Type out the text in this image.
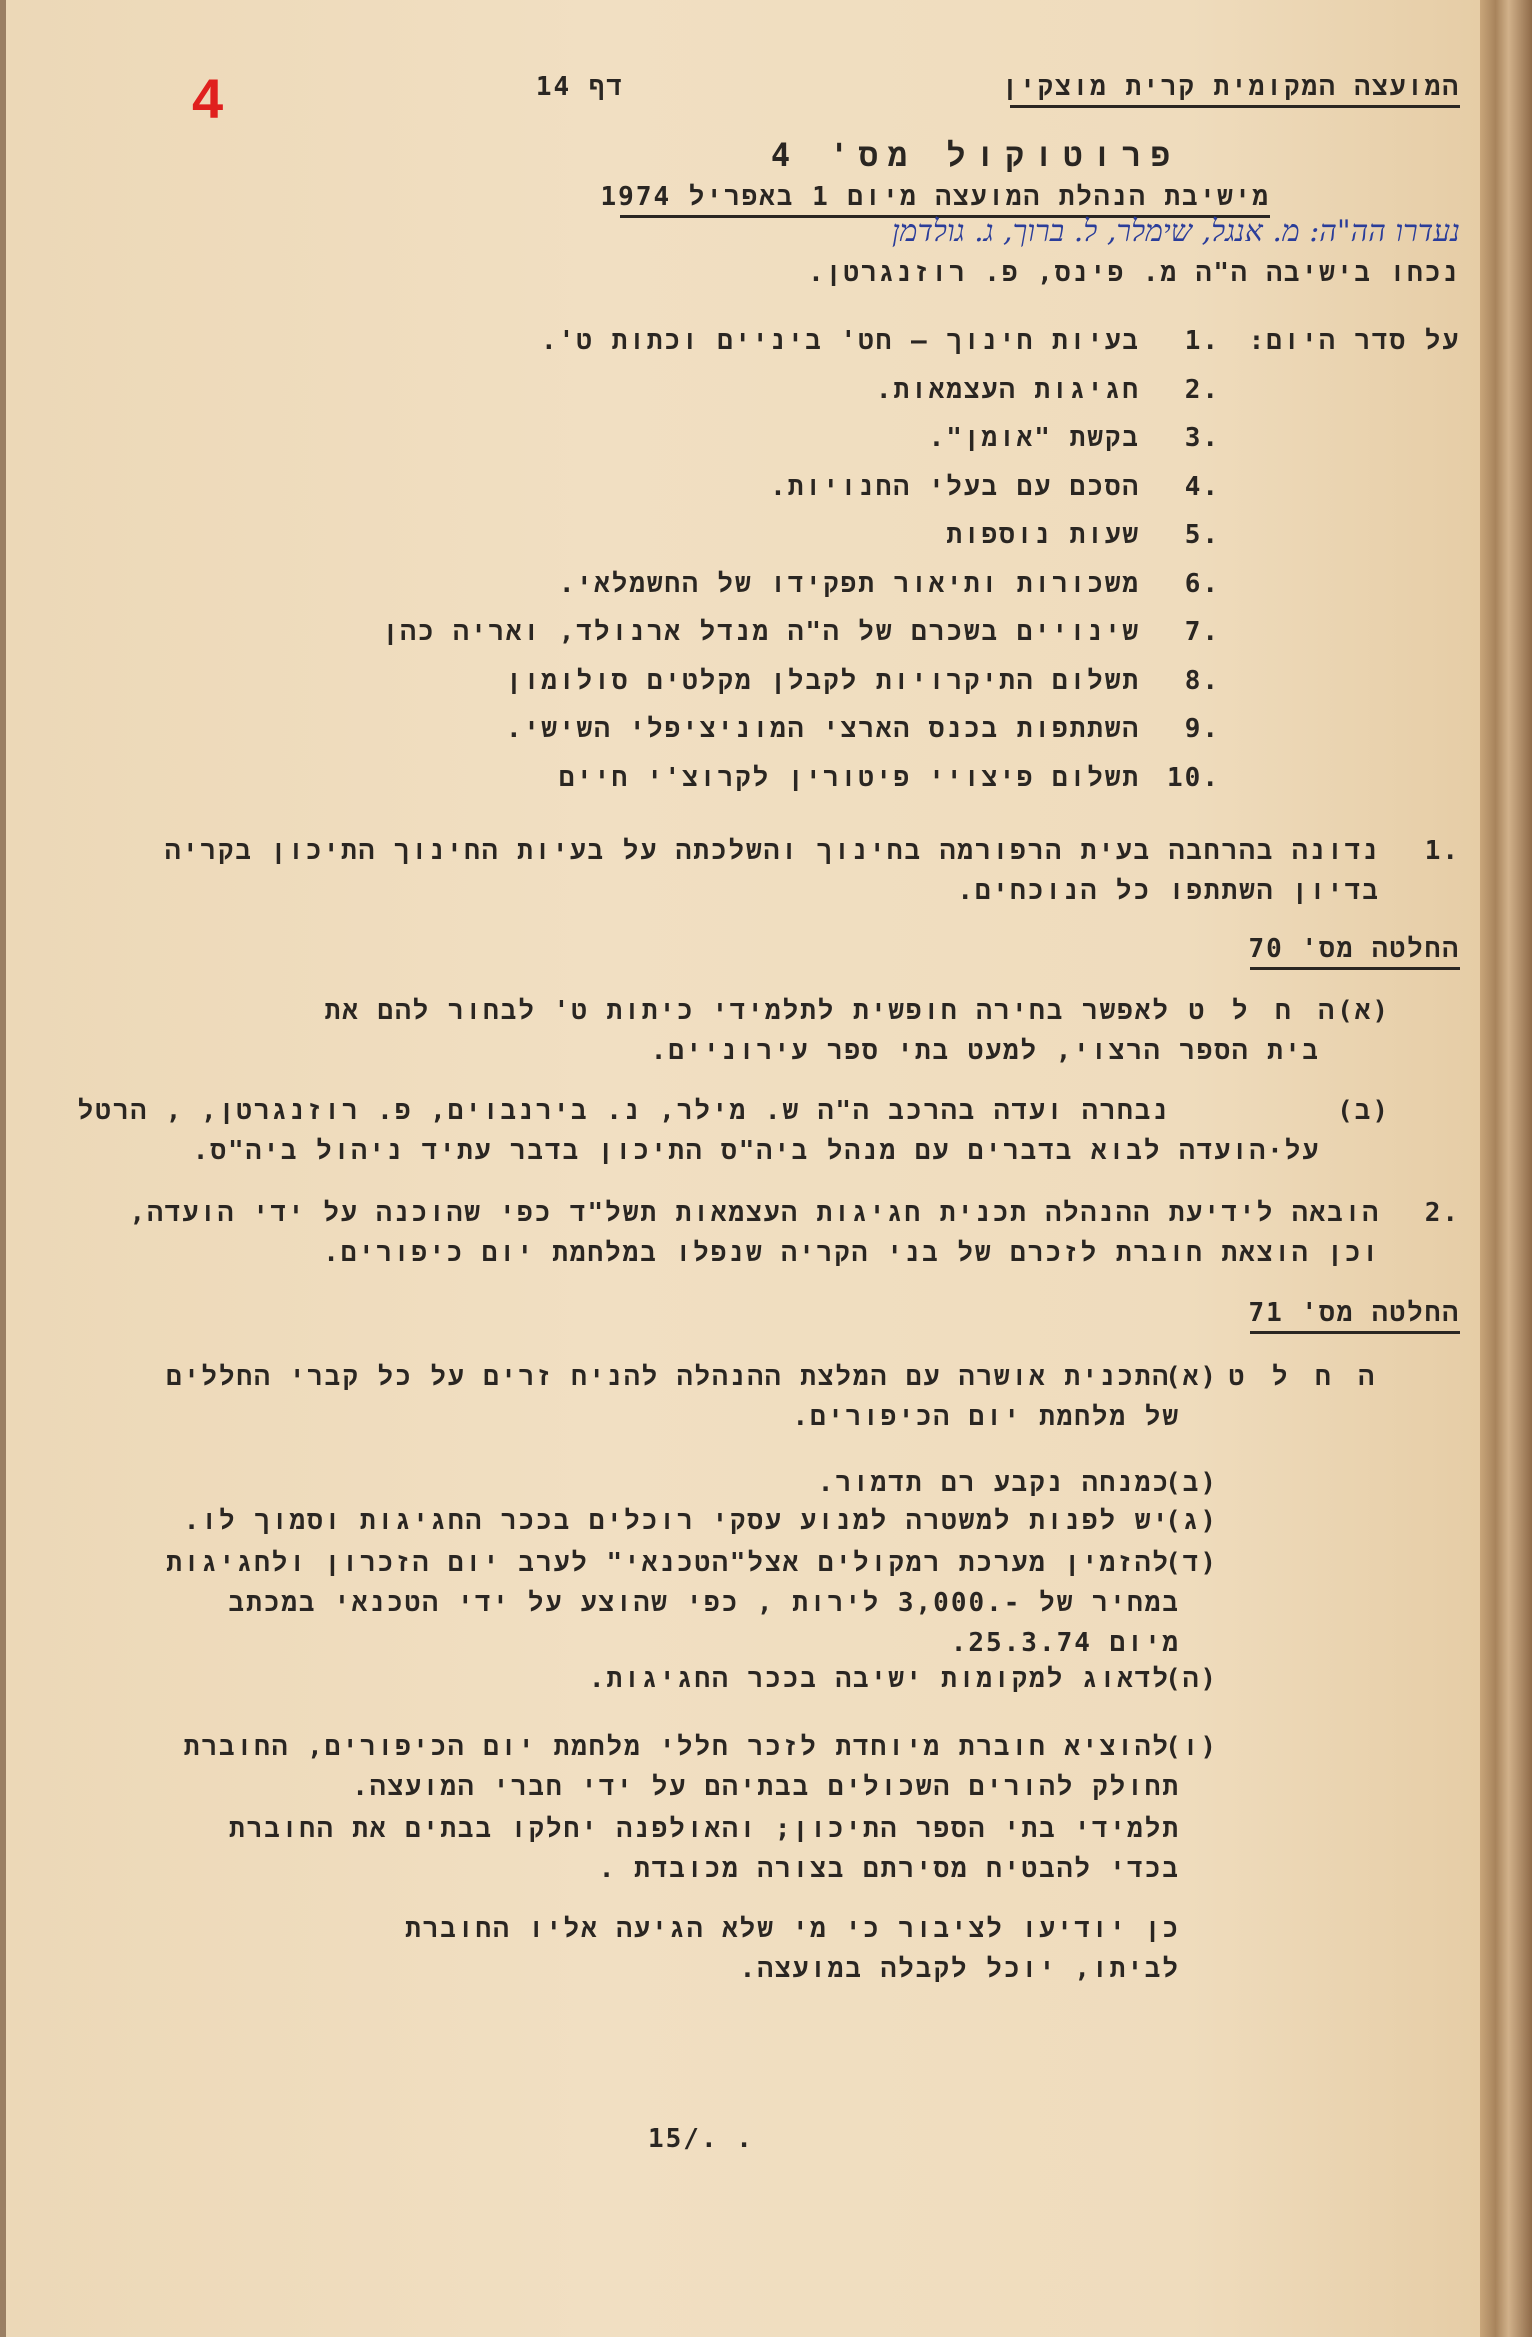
4	דף 14	המועצה המקומית קרית מוצקין
פרוטוקול מס' 4
מישיבת הנהלת המועצה מיום 1 באפריל 1974
נעדרו הה"ה: מ. אנגל, שימלר, ל. ברוך, ג. גולדמן
נכחו בישיבה ה"ה מ. פינס, פ. רוזנגרטן.
על סדר היום:
1.
בעיות חינוך – חט' ביניים וכתות ט'.
2.
חגיגות העצמאות.
3.
בקשת "אומן".
4.
הסכם עם בעלי החנויות.
5.
שעות נוספות
6.
משכורות ותיאור תפקידו של החשמלאי.
7.
שינויים בשכרם של ה"ה מנדל ארנולד, ואריה כהן
8.
תשלום התיקרויות לקבלן מקלטים סולומון
9.
השתתפות בכנס הארצי המוניציפלי השישי.
10.
תשלום פיצויי פיטורין לקרוצ'י חיים
1.
נדונה בהרחבה בעית הרפורמה בחינוך והשלכתה על בעיות החינוך התיכון בקריה
בדיון השתתפו כל הנוכחים.
החלטה מס' 70
ה ח ל ט
(א)
לאפשר בחירה חופשית לתלמידי כיתות ט' לבחור להם את
בית הספר הרצוי, למעט בתי ספר עירוניים.
(ב)
נבחרה ועדה בהרכב ה"ה ש. מילר, נ. בירנבוים, פ. רוזנגרטן, , הרטל
על·הועדה לבוא בדברים עם מנהל ביה"ס התיכון בדבר עתיד ניהול ביה"ס.
2.
הובאה לידיעת ההנהלה תכנית חגיגות העצמאות תשל"ד כפי שהוכנה על ידי הועדה,
וכן הוצאת חוברת לזכרם של בני הקריה שנפלו במלחמת יום כיפורים.
החלטה מס' 71
ה ח ל ט
(א)
התכנית אושרה עם המלצת ההנהלה להניח זרים על כל קברי החללים
של מלחמת יום הכיפורים.
(ב)
כמנחה נקבע רם תדמור.
(ג)
יש לפנות למשטרה למנוע עסקי רוכלים בככר החגיגות וסמוך לו.
(ד)
להזמין מערכת רמקולים אצל"הטכנאי" לערב יום הזכרון ולחגיגות
במחיר של -.3,000 לירות , כפי שהוצע על ידי הטכנאי במכתב
מיום 25.3.74.
(ה)
לדאוג למקומות ישיבה בככר החגיגות.
(ו)
להוציא חוברת מיוחדת לזכר חללי מלחמת יום הכיפורים, החוברת
תחולק להורים השכולים בבתיהם על ידי חברי המועצה.
תלמידי בתי הספר התיכון; והאולפנה יחלקו בבתים את החוברת
בכדי להבטיח מסירתם בצורה מכובדת .
כן יודיעו לציבור כי מי שלא הגיעה אליו החוברת
לביתו, יוכל לקבלה במועצה.
15/. .
